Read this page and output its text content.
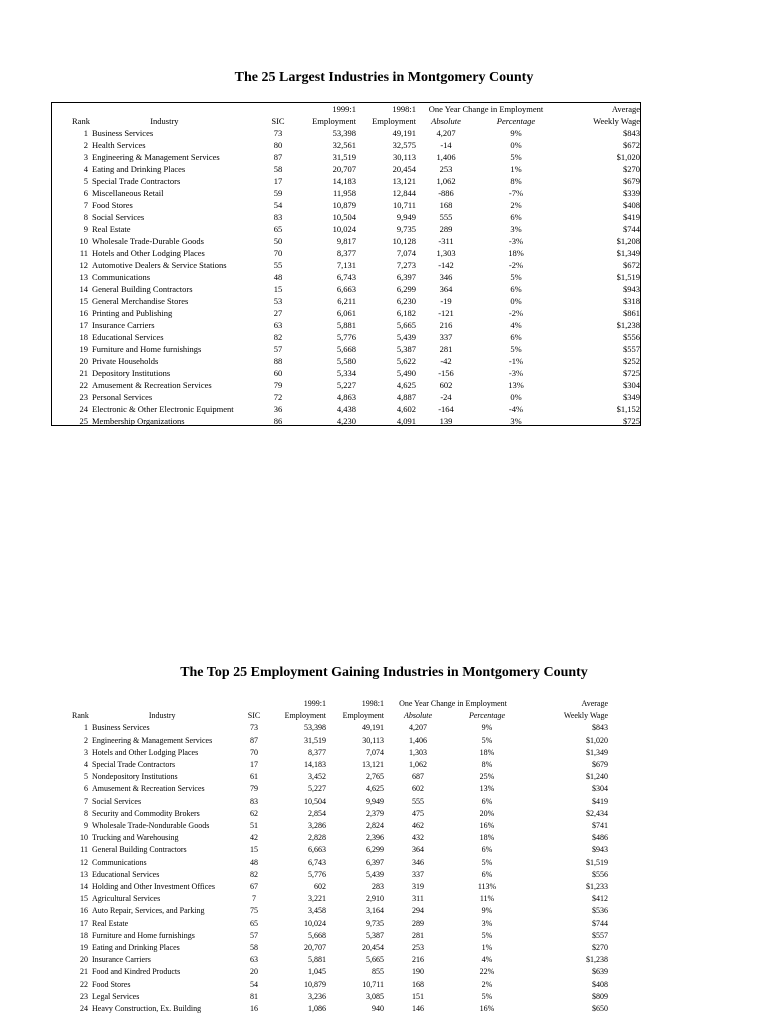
The 25 Largest Industries in Montgomery County
		1999:1	1998:1	One Year Change in Employment		Average
Rank Industry	SIC	Employment	Employment	Absolute	Percentage	Weekly Wage
1 Business Services	73	53,398	49,191	4,207	9%	$843
2 Health Services	80	32,561	32,575	-14	0%	$672
3 Engineering & Management Services	87	31,519	30,113	1,406	5%	$1,020
4 Eating and Drinking Places	58	20,707	20,454	253	1%	$270
5 Special Trade Contractors	17	14,183	13,121	1,062	8%	$679
6 Miscellaneous Retail	59	11,958	12,844	-886	-7%	$339
7 Food Stores	54	10,879	10,711	168	2%	$408
8 Social Services	83	10,504	9,949	555	6%	$419
9 Real Estate	65	10,024	9,735	289	3%	$744
10 Wholesale Trade-Durable Goods	50	9,817	10,128	-311	-3%	$1,208
11 Hotels and Other Lodging Places	70	8,377	7,074	1,303	18%	$1,349
12 Automotive Dealers & Service Stations	55	7,131	7,273	-142	-2%	$672
13 Communications	48	6,743	6,397	346	5%	$1,519
14 General Building Contractors	15	6,663	6,299	364	6%	$943
15 General Merchandise Stores	53	6,211	6,230	-19	0%	$318
16 Printing and Publishing	27	6,061	6,182	-121	-2%	$861
17 Insurance Carriers	63	5,881	5,665	216	4%	$1,238
18 Educational Services	82	5,776	5,439	337	6%	$556
19 Furniture and Home furnishings	57	5,668	5,387	281	5%	$557
20 Private Households	88	5,580	5,622	-42	-1%	$252
21 Depository Institutions	60	5,334	5,490	-156	-3%	$725
22 Amusement & Recreation Services	79	5,227	4,625	602	13%	$304
23 Personal Services	72	4,863	4,887	-24	0%	$349
24 Electronic & Other Electronic Equipment	36	4,438	4,602	-164	-4%	$1,152
25 Membership Organizations	86	4,230	4,091	139	3%	$725
The Top 25 Employment Gaining Industries in Montgomery County
		1999:1	1998:1	One Year Change in Employment		Average
Rank Industry	SIC	Employment	Employment	Absolute	Percentage	Weekly Wage
1 Business Services	73	53,398	49,191	4,207	9%	$843
2 Engineering & Management Services	87	31,519	30,113	1,406	5%	$1,020
3 Hotels and Other Lodging Places	70	8,377	7,074	1,303	18%	$1,349
4 Special Trade Contractors	17	14,183	13,121	1,062	8%	$679
5 Nondepository Institutions	61	3,452	2,765	687	25%	$1,240
6 Amusement & Recreation Services	79	5,227	4,625	602	13%	$304
7 Social Services	83	10,504	9,949	555	6%	$419
8 Security and Commodity Brokers	62	2,854	2,379	475	20%	$2,434
9 Wholesale Trade-Nondurable Goods	51	3,286	2,824	462	16%	$741
10 Trucking and Warehousing	42	2,828	2,396	432	18%	$486
11 General Building Contractors	15	6,663	6,299	364	6%	$943
12 Communications	48	6,743	6,397	346	5%	$1,519
13 Educational Services	82	5,776	5,439	337	6%	$556
14 Holding and Other Investment Offices	67	602	283	319	113%	$1,233
15 Agricultural Services	7	3,221	2,910	311	11%	$412
16 Auto Repair, Services, and Parking	75	3,458	3,164	294	9%	$536
17 Real Estate	65	10,024	9,735	289	3%	$744
18 Furniture and Home furnishings	57	5,668	5,387	281	5%	$557
19 Eating and Drinking Places	58	20,707	20,454	253	1%	$270
20 Insurance Carriers	63	5,881	5,665	216	4%	$1,238
21 Food and Kindred Products	20	1,045	855	190	22%	$639
22 Food Stores	54	10,879	10,711	168	2%	$408
23 Legal Services	81	3,236	3,085	151	5%	$809
24 Heavy Construction, Ex. Building	16	1,086	940	146	16%	$650
